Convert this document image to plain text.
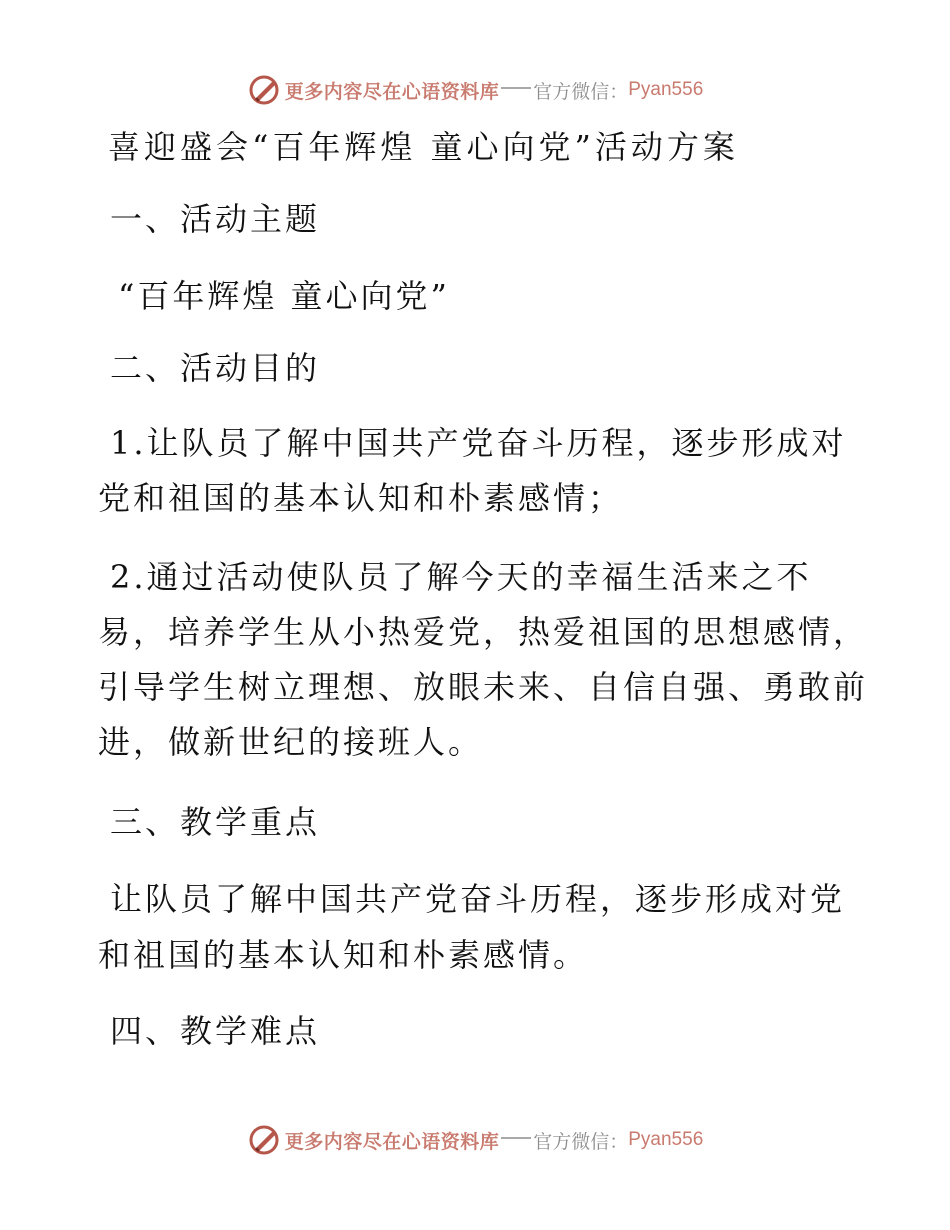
更多内容尽在心语资料库 官方微信： Pyan556
喜迎盛会“百年辉煌 童心向党”活动方案
一、活动主题
“百年辉煌 童心向党”
二、活动目的
1.让队员了解中国共产党奋斗历程，逐步形成对
党和祖国的基本认知和朴素感情；
2.通过活动使队员了解今天的幸福生活来之不
易，培养学生从小热爱党，热爱祖国的思想感情，
引导学生树立理想、放眼未来、自信自强、勇敢前
进，做新世纪的接班人。
三、教学重点
让队员了解中国共产党奋斗历程，逐步形成对党
和祖国的基本认知和朴素感情。
四、教学难点
更多内容尽在心语资料库 官方微信： Pyan556
